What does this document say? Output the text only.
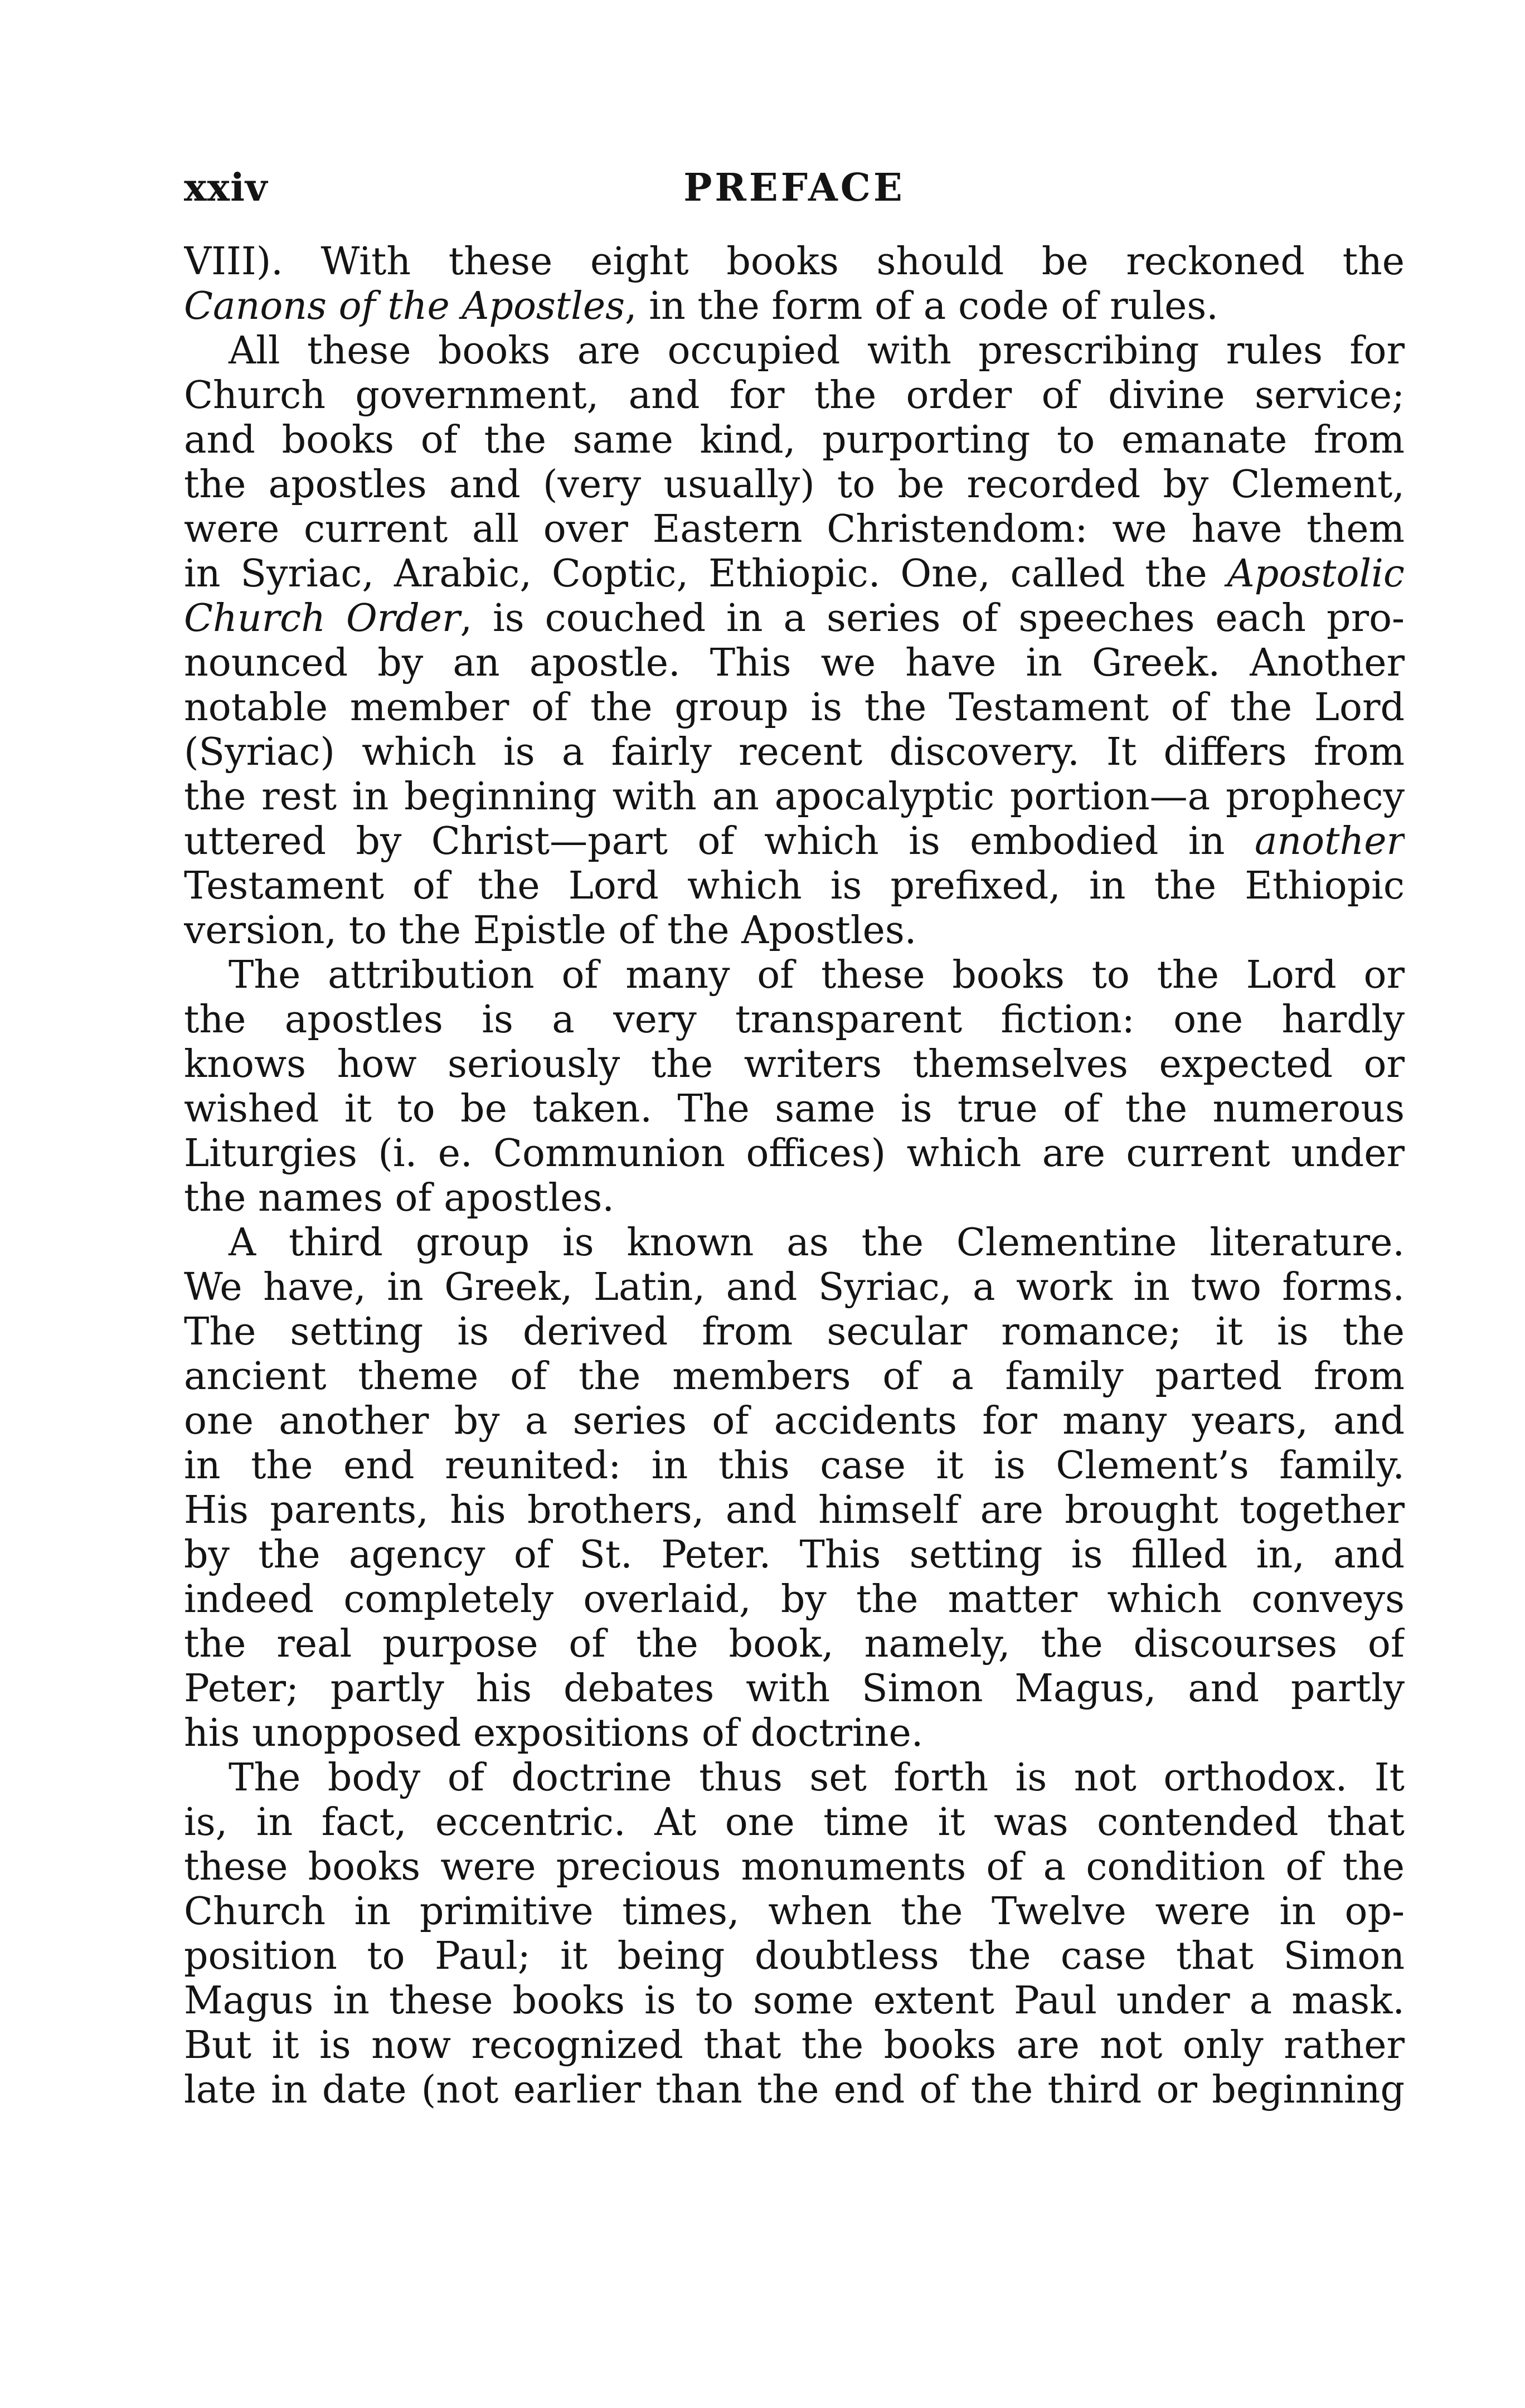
xxiv	PREFACE
VIII). With these eight books should be reckoned the
Canons of the Apostles, in the form of a code of rules.
All these books are occupied with prescribing rules for
Church government, and for the order of divine service;
and books of the same kind, purporting to emanate from
the apostles and (very usually) to be recorded by Clement,
were current all over Eastern Christendom: we have them
in Syriac, Arabic, Coptic, Ethiopic. One, called the Apostolic
Church Order, is couched in a series of speeches each pro-
nounced by an apostle. This we have in Greek. Another
notable member of the group is the Testament of the Lord
(Syriac) which is a fairly recent discovery. It differs from
the rest in beginning with an apocalyptic portion—a prophecy
uttered by Christ—part of which is embodied in another
Testament of the Lord which is prefixed, in the Ethiopic
version, to the Epistle of the Apostles.
The attribution of many of these books to the Lord or
the apostles is a very transparent fiction: one hardly
knows how seriously the writers themselves expected or
wished it to be taken. The same is true of the numerous
Liturgies (i. e. Communion offices) which are current under
the names of apostles.
A third group is known as the Clementine literature.
We have, in Greek, Latin, and Syriac, a work in two forms.
The setting is derived from secular romance; it is the
ancient theme of the members of a family parted from
one another by a series of accidents for many years, and
in the end reunited: in this case it is Clement’s family.
His parents, his brothers, and himself are brought together
by the agency of St. Peter. This setting is filled in, and
indeed completely overlaid, by the matter which conveys
the real purpose of the book, namely, the discourses of
Peter; partly his debates with Simon Magus, and partly
his unopposed expositions of doctrine.
The body of doctrine thus set forth is not orthodox. It
is, in fact, eccentric. At one time it was contended that
these books were precious monuments of a condition of the
Church in primitive times, when the Twelve were in op-
position to Paul; it being doubtless the case that Simon
Magus in these books is to some extent Paul under a mask.
But it is now recognized that the books are not only rather
late in date (not earlier than the end of the third or beginning
